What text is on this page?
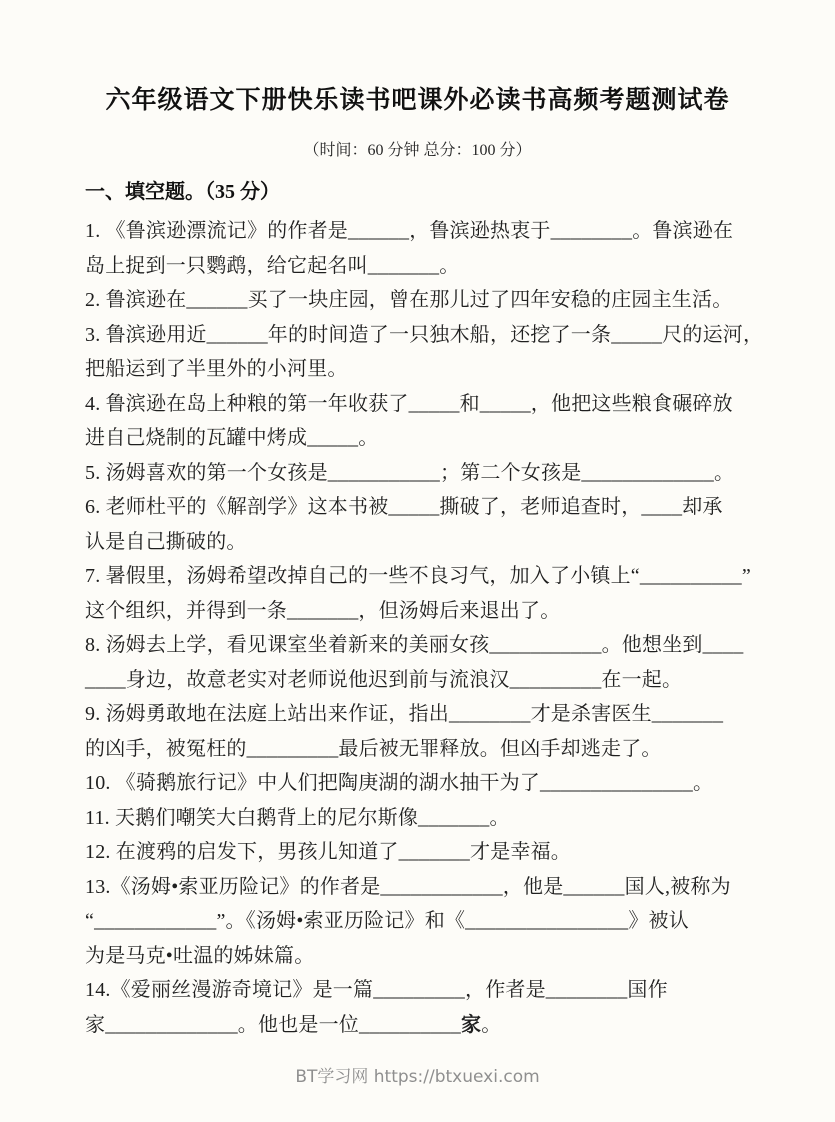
六年级语文下册快乐读书吧课外必读书高频考题测试卷
（时间：60 分钟 总分：100 分）
一、填空题。（35 分）
1. 《鲁滨逊漂流记》的作者是______，鲁滨逊热衷于________。鲁滨逊在
岛上捉到一只鹦鹉，给它起名叫_______。
2. 鲁滨逊在______买了一块庄园，曾在那儿过了四年安稳的庄园主生活。
3. 鲁滨逊用近______年的时间造了一只独木船，还挖了一条_____尺的运河，
把船运到了半里外的小河里。
4. 鲁滨逊在岛上种粮的第一年收获了_____和_____，他把这些粮食碾碎放
进自己烧制的瓦罐中烤成_____。
5. 汤姆喜欢的第一个女孩是___________；第二个女孩是_____________。
6. 老师杜平的《解剖学》这本书被_____撕破了，老师追查时，____却承
认是自己撕破的。
7. 暑假里，汤姆希望改掉自己的一些不良习气，加入了小镇上“__________”
这个组织，并得到一条_______，但汤姆后来退出了。
8. 汤姆去上学，看见课室坐着新来的美丽女孩___________。他想坐到____
____身边，故意老实对老师说他迟到前与流浪汉_________在一起。
9. 汤姆勇敢地在法庭上站出来作证，指出________才是杀害医生_______
的凶手，被冤枉的_________最后被无罪释放。但凶手却逃走了。
10. 《骑鹅旅行记》中人们把陶庚湖的湖水抽干为了_______________。
11. 天鹅们嘲笑大白鹅背上的尼尔斯像_______。
12. 在渡鸦的启发下，男孩儿知道了_______才是幸福。
13.《汤姆•索亚历险记》的作者是____________，他是______国人,被称为
“____________”。《汤姆•索亚历险记》和《________________》被认
为是马克•吐温的姊妹篇。
14.《爱丽丝漫游奇境记》是一篇_________，作者是________国作
家_____________。他也是一位__________家。
BT学习网 https://btxuexi.com
